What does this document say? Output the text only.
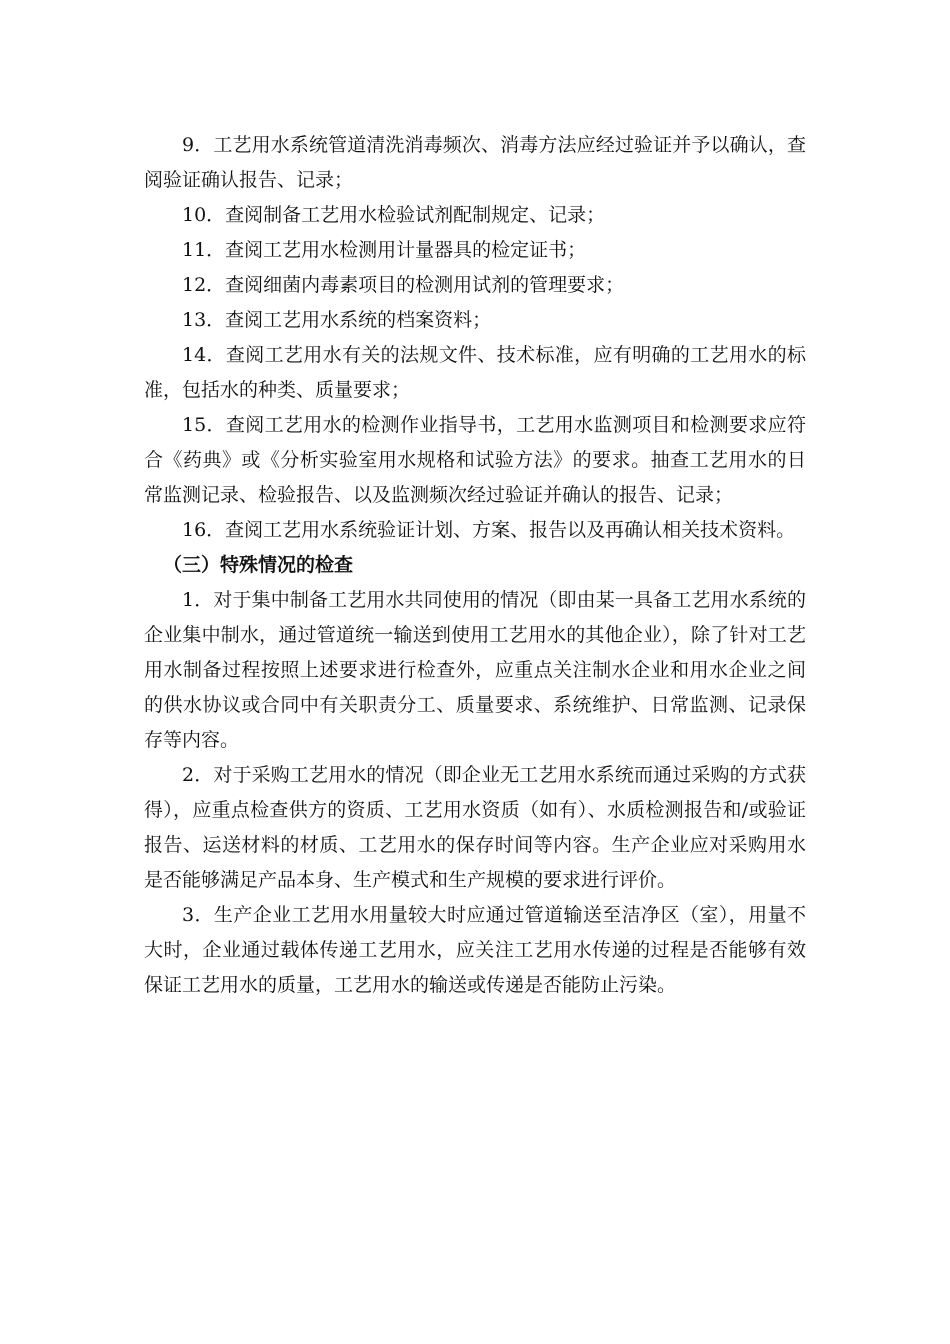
9．工艺用水系统管道清洗消毒频次、消毒方法应经过验证并予以确认，查阅验证确认报告、记录；

10．查阅制备工艺用水检验试剂配制规定、记录；

11．查阅工艺用水检测用计量器具的检定证书；

12．查阅细菌内毒素项目的检测用试剂的管理要求；

13．查阅工艺用水系统的档案资料；

14．查阅工艺用水有关的法规文件、技术标准，应有明确的工艺用水的标准，包括水的种类、质量要求；

15．查阅工艺用水的检测作业指导书，工艺用水监测项目和检测要求应符合《药典》或《分析实验室用水规格和试验方法》的要求。抽查工艺用水的日常监测记录、检验报告、以及监测频次经过验证并确认的报告、记录；

16．查阅工艺用水系统验证计划、方案、报告以及再确认相关技术资料。

（三）特殊情况的检查

1．对于集中制备工艺用水共同使用的情况（即由某一具备工艺用水系统的企业集中制水，通过管道统一输送到使用工艺用水的其他企业），除了针对工艺用水制备过程按照上述要求进行检查外，应重点关注制水企业和用水企业之间的供水协议或合同中有关职责分工、质量要求、系统维护、日常监测、记录保存等内容。

2．对于采购工艺用水的情况（即企业无工艺用水系统而通过采购的方式获得），应重点检查供方的资质、工艺用水资质（如有）、水质检测报告和/或验证报告、运送材料的材质、工艺用水的保存时间等内容。生产企业应对采购用水是否能够满足产品本身、生产模式和生产规模的要求进行评价。

3．生产企业工艺用水用量较大时应通过管道输送至洁净区（室），用量不大时，企业通过载体传递工艺用水，应关注工艺用水传递的过程是否能够有效保证工艺用水的质量，工艺用水的输送或传递是否能防止污染。
